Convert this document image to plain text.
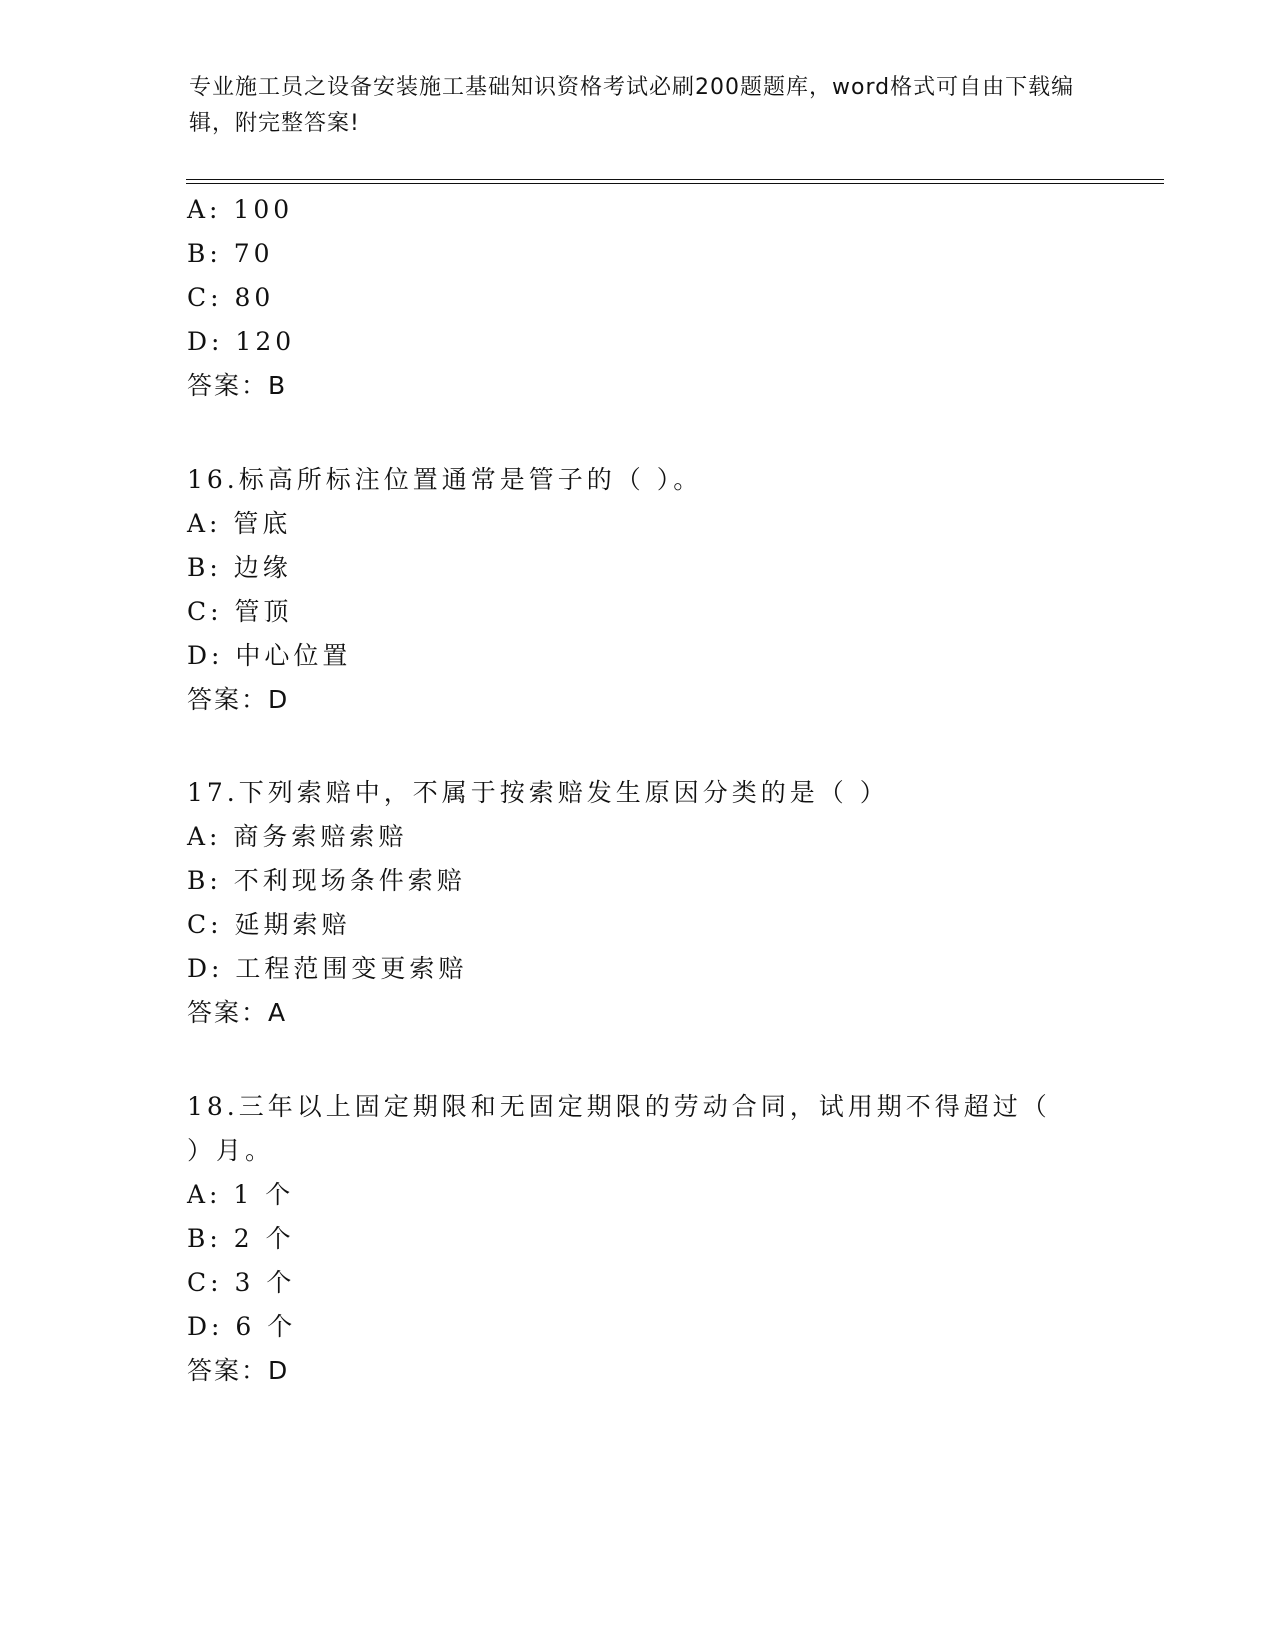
专业施工员之设备安装施工基础知识资格考试必刷200题题库，word格式可自由下载编辑，附完整答案!
A: 100
B: 70
C: 80
D: 120
答案：B
16.标高所标注位置通常是管子的（ ）。
A: 管底
B: 边缘
C: 管顶
D: 中心位置
答案：D
17.下列索赔中，不属于按索赔发生原因分类的是（ ）
A: 商务索赔索赔
B: 不利现场条件索赔
C: 延期索赔
D: 工程范围变更索赔
答案：A
18.三年以上固定期限和无固定期限的劳动合同，试用期不得超过（
）月。
A: 1 个
B: 2 个
C: 3 个
D: 6 个
答案：D
